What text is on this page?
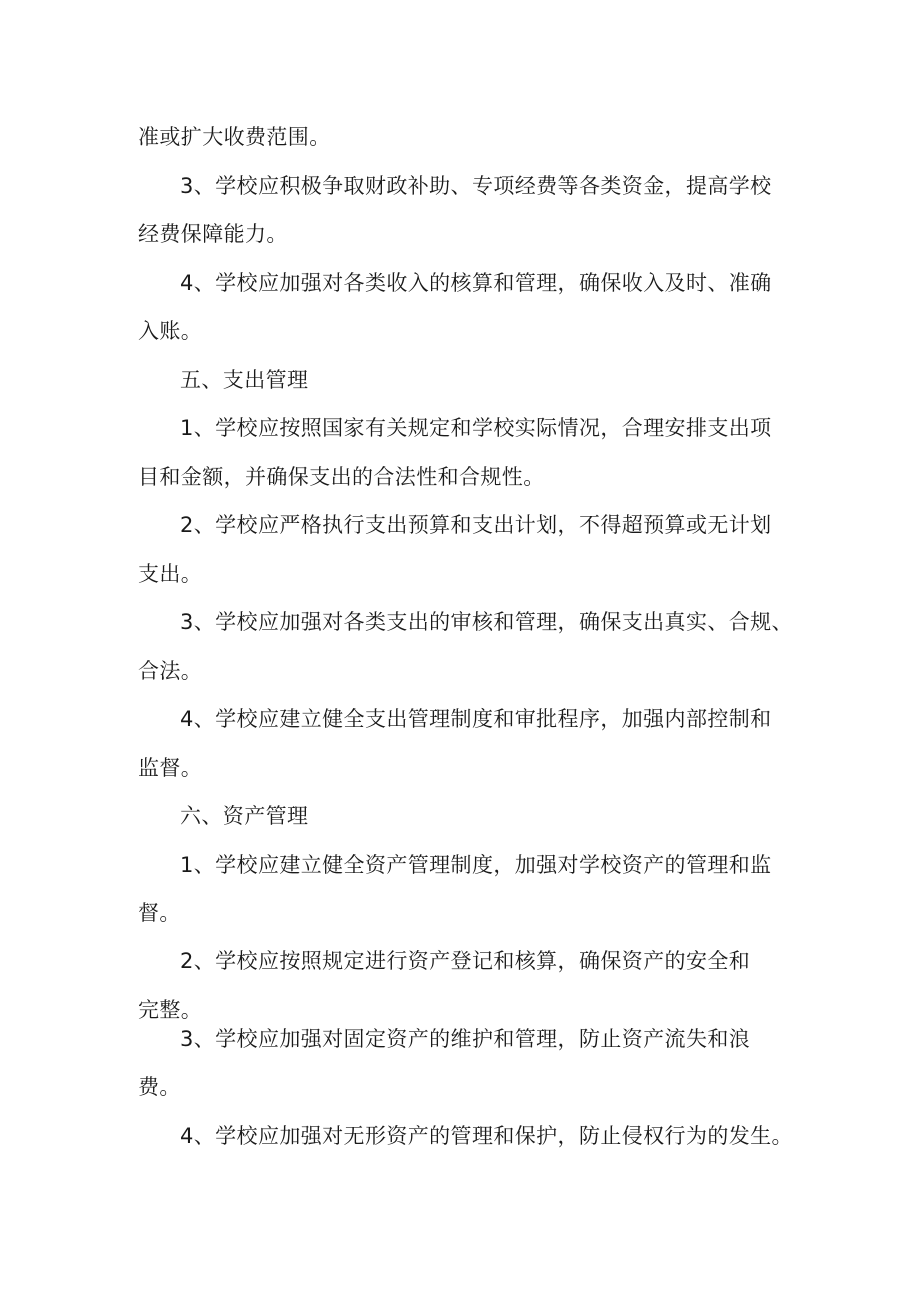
准或扩大收费范围。

3、学校应积极争取财政补助、专项经费等各类资金，提高学校

经费保障能力。

4、学校应加强对各类收入的核算和管理，确保收入及时、准确

入账。

五、支出管理

1、学校应按照国家有关规定和学校实际情况，合理安排支出项

目和金额，并确保支出的合法性和合规性。

2、学校应严格执行支出预算和支出计划，不得超预算或无计划

支出。

3、学校应加强对各类支出的审核和管理，确保支出真实、合规、

合法。

4、学校应建立健全支出管理制度和审批程序，加强内部控制和

监督。

六、资产管理

1、学校应建立健全资产管理制度，加强对学校资产的管理和监

督。

2、学校应按照规定进行资产登记和核算，确保资产的安全和

完整。

3、学校应加强对固定资产的维护和管理，防止资产流失和浪

费。

4、学校应加强对无形资产的管理和保护，防止侵权行为的发生。
